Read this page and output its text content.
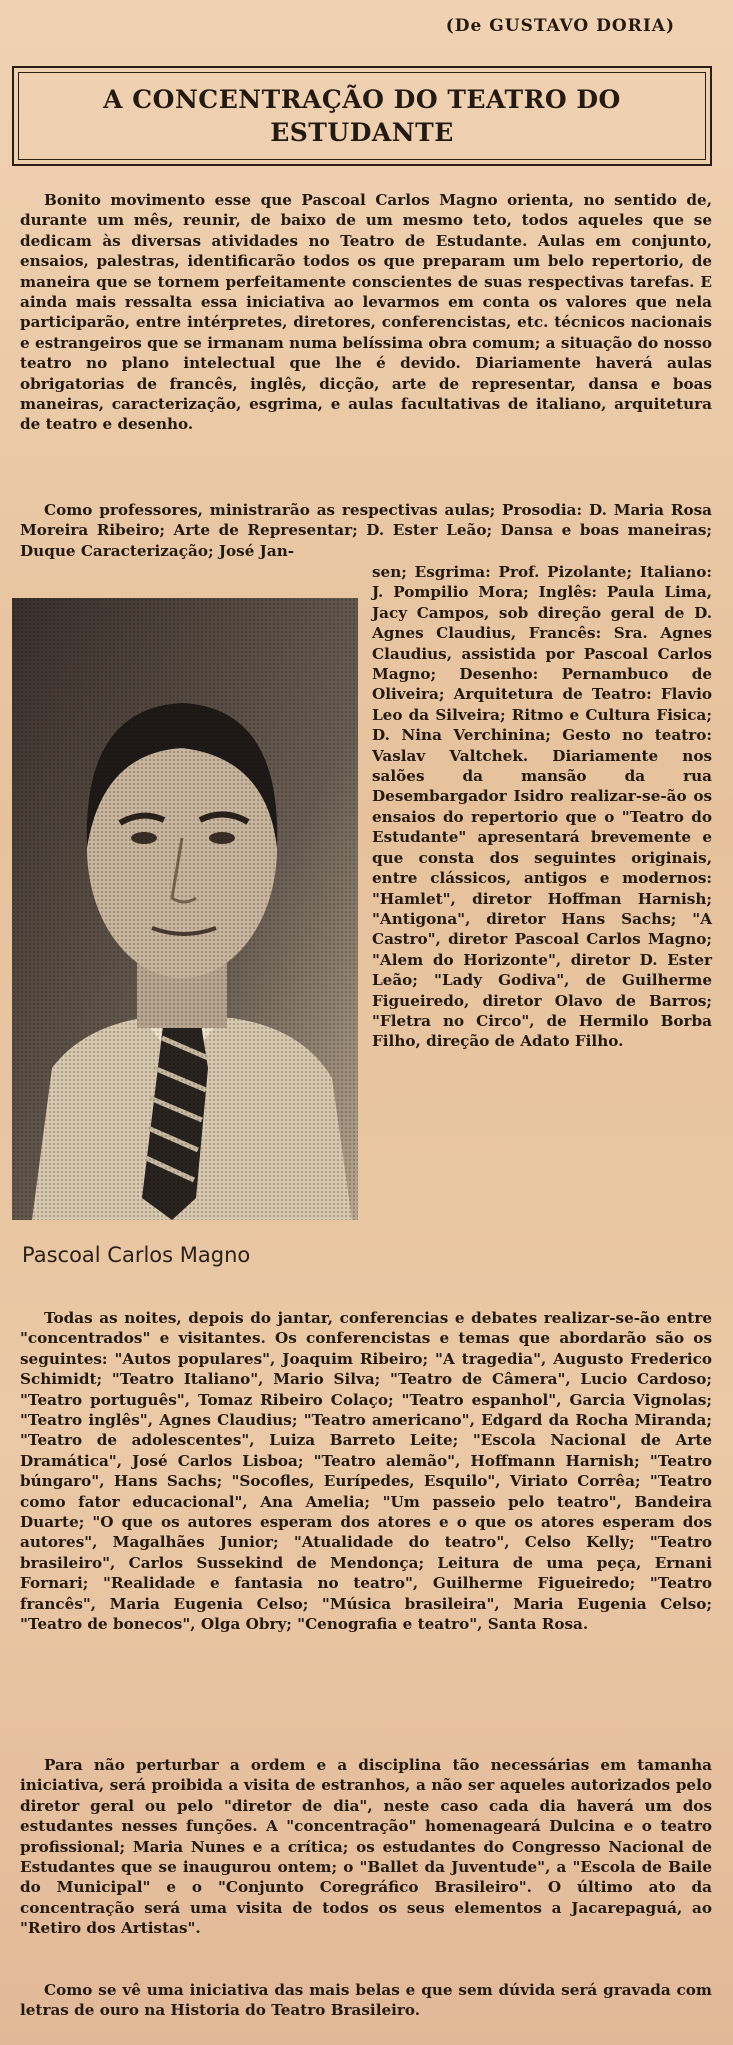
(De GUSTAVO DORIA)
A CONCENTRAÇÃO DO TEATRO DO ESTUDANTE

Bonito movimento esse que Pascoal Carlos Magno orienta, no sentido de, durante um mês, reunir, de baixo de um mesmo teto, todos aqueles que se dedicam às diversas atividades no Teatro de Estudante. Aulas em conjunto, ensaios, palestras, identificarão todos os que preparam um belo repertorio, de maneira que se tornem perfeitamente conscientes de suas respectivas tarefas. E ainda mais ressalta essa iniciativa ao levarmos em conta os valores que nela participarão, entre intérpretes, diretores, conferencistas, etc. técnicos nacionais e estrangeiros que se irmanam numa belíssima obra comum; a situação do nosso teatro no plano intelectual que lhe é devido. Diariamente haverá aulas obrigatorias de francês, inglês, dicção, arte de representar, dansa e boas maneiras, caracterização, esgrima, e aulas facultativas de italiano, arquitetura de teatro e desenho.

Como professores, ministrarão as respectivas aulas; Prosodia: D. Maria Rosa Moreira Ribeiro; Arte de Representar; D. Ester Leão; Dansa e boas maneiras; Duque Caracterização; José Jan-

Pascoal Carlos Magno

sen; Esgrima: Prof. Pizolante; Italiano: J. Pompilio Mora; Inglês: Paula Lima, Jacy Campos, sob direção geral de D. Agnes Claudius, Francês: Sra. Agnes Claudius, assistida por Pascoal Carlos Magno; Desenho: Pernambuco de Oliveira; Arquitetura de Teatro: Flavio Leo da Silveira; Ritmo e Cultura Fisica; D. Nina Verchinina; Gesto no teatro: Vaslav Valtchek. Diariamente nos salões da mansão da rua Desembargador Isidro realizar-se-ão os ensaios do repertorio que o "Teatro do Estudante" apresentará brevemente e que consta dos seguintes originais, entre clássicos, antigos e modernos: "Hamlet", diretor Hoffman Harnish; "Antigona", diretor Hans Sachs; "A Castro", diretor Pascoal Carlos Magno; "Alem do Horizonte", diretor D. Ester Leão; "Lady Godiva", de Guilherme Figueiredo, diretor Olavo de Barros; "Fletra no Circo", de Hermilo Borba Filho, direção de Adato Filho.

Todas as noites, depois do jantar, conferencias e debates realizar-se-ão entre "concentrados" e visitantes. Os conferencistas e temas que abordarão são os seguintes: "Autos populares", Joaquim Ribeiro; "A tragedia", Augusto Frederico Schimidt; "Teatro Italiano", Mario Silva; "Teatro de Câmera", Lucio Cardoso; "Teatro português", Tomaz Ribeiro Colaço; "Teatro espanhol", Garcia Vignolas; "Teatro inglês", Agnes Claudius; "Teatro americano", Edgard da Rocha Miranda; "Teatro de adolescentes", Luiza Barreto Leite; "Escola Nacional de Arte Dramática", José Carlos Lisboa; "Teatro alemão", Hoffmann Harnish; "Teatro búngaro", Hans Sachs; "Socofles, Eurípedes, Esquilo", Viriato Corrêa; "Teatro como fator educacional", Ana Amelia; "Um passeio pelo teatro", Bandeira Duarte; "O que os autores esperam dos atores e o que os atores esperam dos autores", Magalhães Junior; "Atualidade do teatro", Celso Kelly; "Teatro brasileiro", Carlos Sussekind de Mendonça; Leitura de uma peça, Ernani Fornari; "Realidade e fantasia no teatro", Guilherme Figueiredo; "Teatro francês", Maria Eugenia Celso; "Música brasileira", Maria Eugenia Celso; "Teatro de bonecos", Olga Obry; "Cenografia e teatro", Santa Rosa.

Para não perturbar a ordem e a disciplina tão necessárias em tamanha iniciativa, será proibida a visita de estranhos, a não ser aqueles autorizados pelo diretor geral ou pelo "diretor de dia", neste caso cada dia haverá um dos estudantes nesses funções. A "concentração" homenageará Dulcina e o teatro profissional; Maria Nunes e a crítica; os estudantes do Congresso Nacional de Estudantes que se inaugurou ontem; o "Ballet da Juventude", a "Escola de Baile do Municipal" e o "Conjunto Coregráfico Brasileiro". O último ato da concentração será uma visita de todos os seus elementos a Jacarepaguá, ao "Retiro dos Artistas".

Como se vê uma iniciativa das mais belas e que sem dúvida será gravada com letras de ouro na Historia do Teatro Brasileiro.
